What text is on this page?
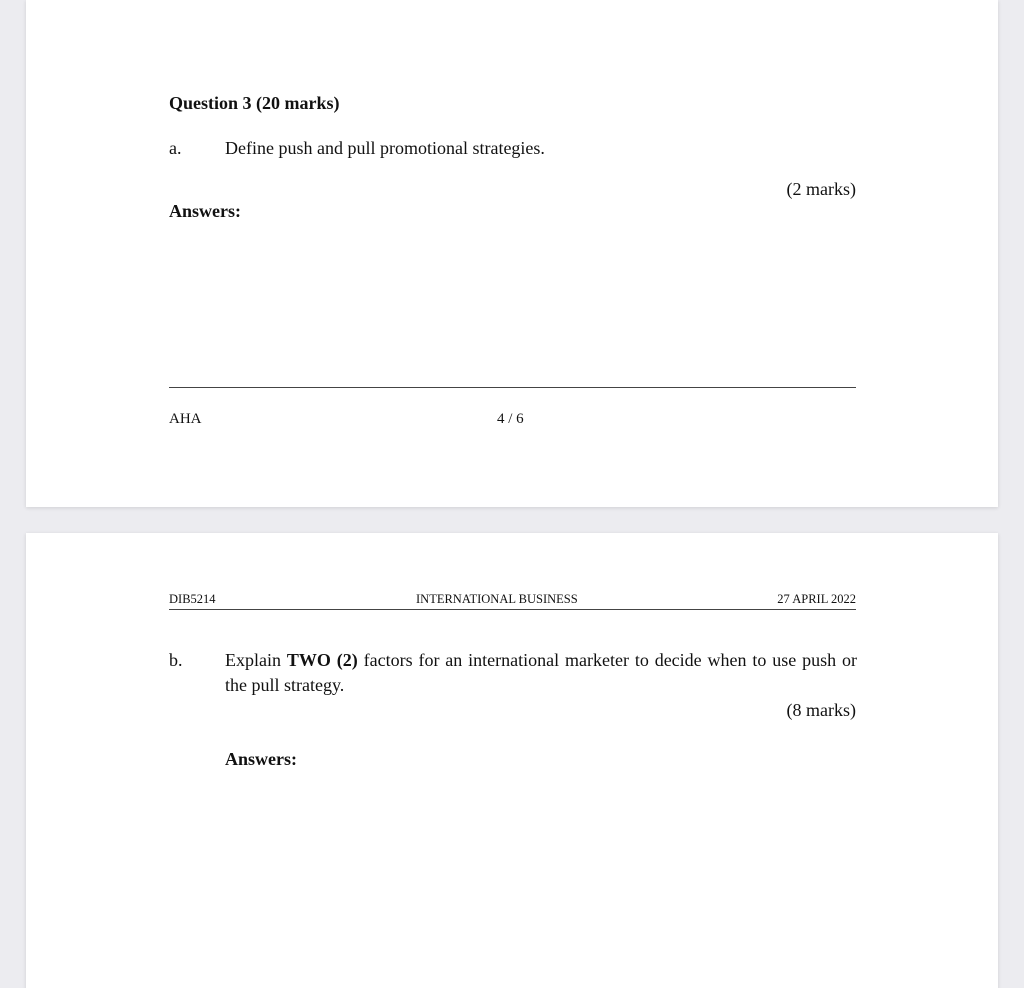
Question 3 (20 marks)
a. Define push and pull promotional strategies.
(2 marks)
Answers:
AHA	4 / 6
DIB5214	INTERNATIONAL BUSINESS	27 APRIL 2022
b. Explain TWO (2) factors for an international marketer to decide when to use push or the pull strategy.
(8 marks)
Answers:
